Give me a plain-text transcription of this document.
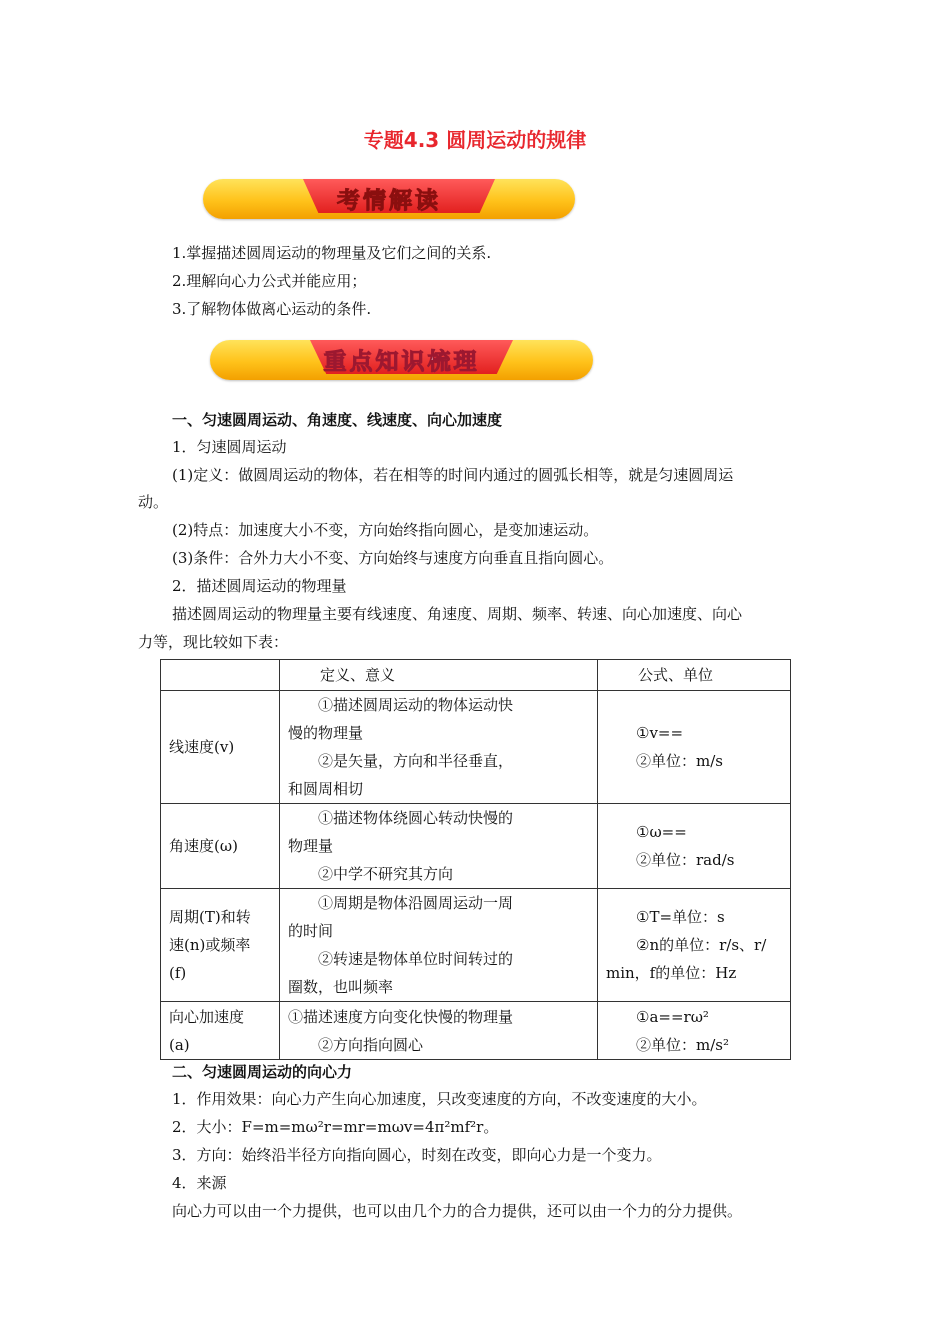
专题4.3 圆周运动的规律
考情解读
1.掌握描述圆周运动的物理量及它们之间的关系.
2.理解向心力公式并能应用；
3.了解物体做离心运动的条件.
重点知识梳理
一、匀速圆周运动、角速度、线速度、向心加速度
1．匀速圆周运动
(1)定义：做圆周运动的物体，若在相等的时间内通过的圆弧长相等，就是匀速圆周运
动。
(2)特点：加速度大小不变，方向始终指向圆心，是变加速运动。
(3)条件：合外力大小不变、方向始终与速度方向垂直且指向圆心。
2．描述圆周运动的物理量
描述圆周运动的物理量主要有线速度、角速度、周期、频率、转速、向心加速度、向心
力等，现比较如下表：
	定义、意义	公式、单位
线速度(v)	①描述圆周运动的物体运动快
慢的物理量
②是矢量，方向和半径垂直，
和圆周相切	①v==
②单位：m/s

角速度(ω)	①描述物体绕圆心转动快慢的
物理量
②中学不研究其方向	①ω==
②单位：rad/s

周期(T)和转
速(n)或频率
(f)	①周期是物体沿圆周运动一周
的时间
②转速是物体单位时间转过的
圈数，也叫频率	①T=单位：s
②n的单位：r/s、r/
min，f的单位：Hz

向心加速度
(a)	①描述速度方向变化快慢的物理量
②方向指向圆心	①a==rω²
②单位：m/s²
二、匀速圆周运动的向心力
1．作用效果：向心力产生向心加速度，只改变速度的方向，不改变速度的大小。
2．大小：F=m=mω²r=mr=mωv=4π²mf²r。
3．方向：始终沿半径方向指向圆心，时刻在改变，即向心力是一个变力。
4．来源
向心力可以由一个力提供，也可以由几个力的合力提供，还可以由一个力的分力提供。
